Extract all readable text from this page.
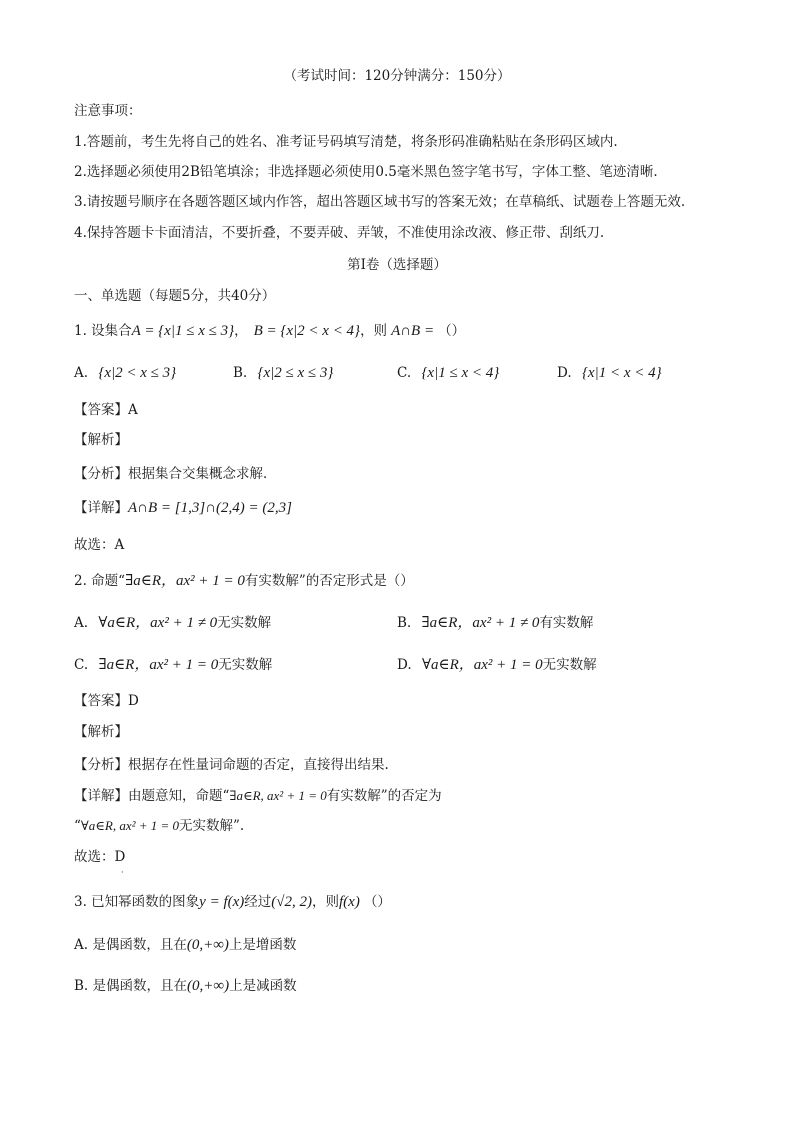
（考试时间：120分钟满分：150分）
注意事项：
1.答题前，考生先将自己的姓名、准考证号码填写清楚，将条形码准确粘贴在条形码区域内.
2.选择题必须使用2B铅笔填涂；非选择题必须使用0.5毫米黑色签字笔书写，字体工整、笔迹清晰.
3.请按题号顺序在各题答题区域内作答，超出答题区域书写的答案无效；在草稿纸、试题卷上答题无效.
4.保持答题卡卡面清洁，不要折叠，不要弄破、弄皱，不准使用涂改液、修正带、刮纸刀.
第Ⅰ卷（选择题）
一、单选题（每题5分，共40分）
1. 设集合A = {x|1 ≤ x ≤ 3}， B = {x|2 < x < 4}，则 A∩B = （）
A. {x|2 < x ≤ 3}	B. {x|2 ≤ x ≤ 3}	C. {x|1 ≤ x < 4}	D. {x|1 < x < 4}
【答案】A
【解析】
【分析】根据集合交集概念求解．
【详解】A∩B = [1,3]∩(2,4) = (2,3]
故选：A
2. 命题“∃a∈R，ax² + 1 = 0有实数解”的否定形式是（）
A. ∀a∈R，ax² + 1 ≠ 0无实数解	B. ∃a∈R，ax² + 1 ≠ 0有实数解
C. ∃a∈R，ax² + 1 = 0无实数解	D. ∀a∈R，ax² + 1 = 0无实数解
【答案】D
【解析】
【分析】根据存在性量词命题的否定，直接得出结果.
【详解】由题意知，命题“∃a∈R, ax² + 1 = 0有实数解”的否定为
“∀a∈R, ax² + 1 = 0无实数解”.
故选：D
·
3. 已知幂函数的图象y = f(x)经过(√2, 2)，则f(x) （）
A. 是偶函数，且在(0,+∞)上是增函数
B. 是偶函数，且在(0,+∞)上是减函数
